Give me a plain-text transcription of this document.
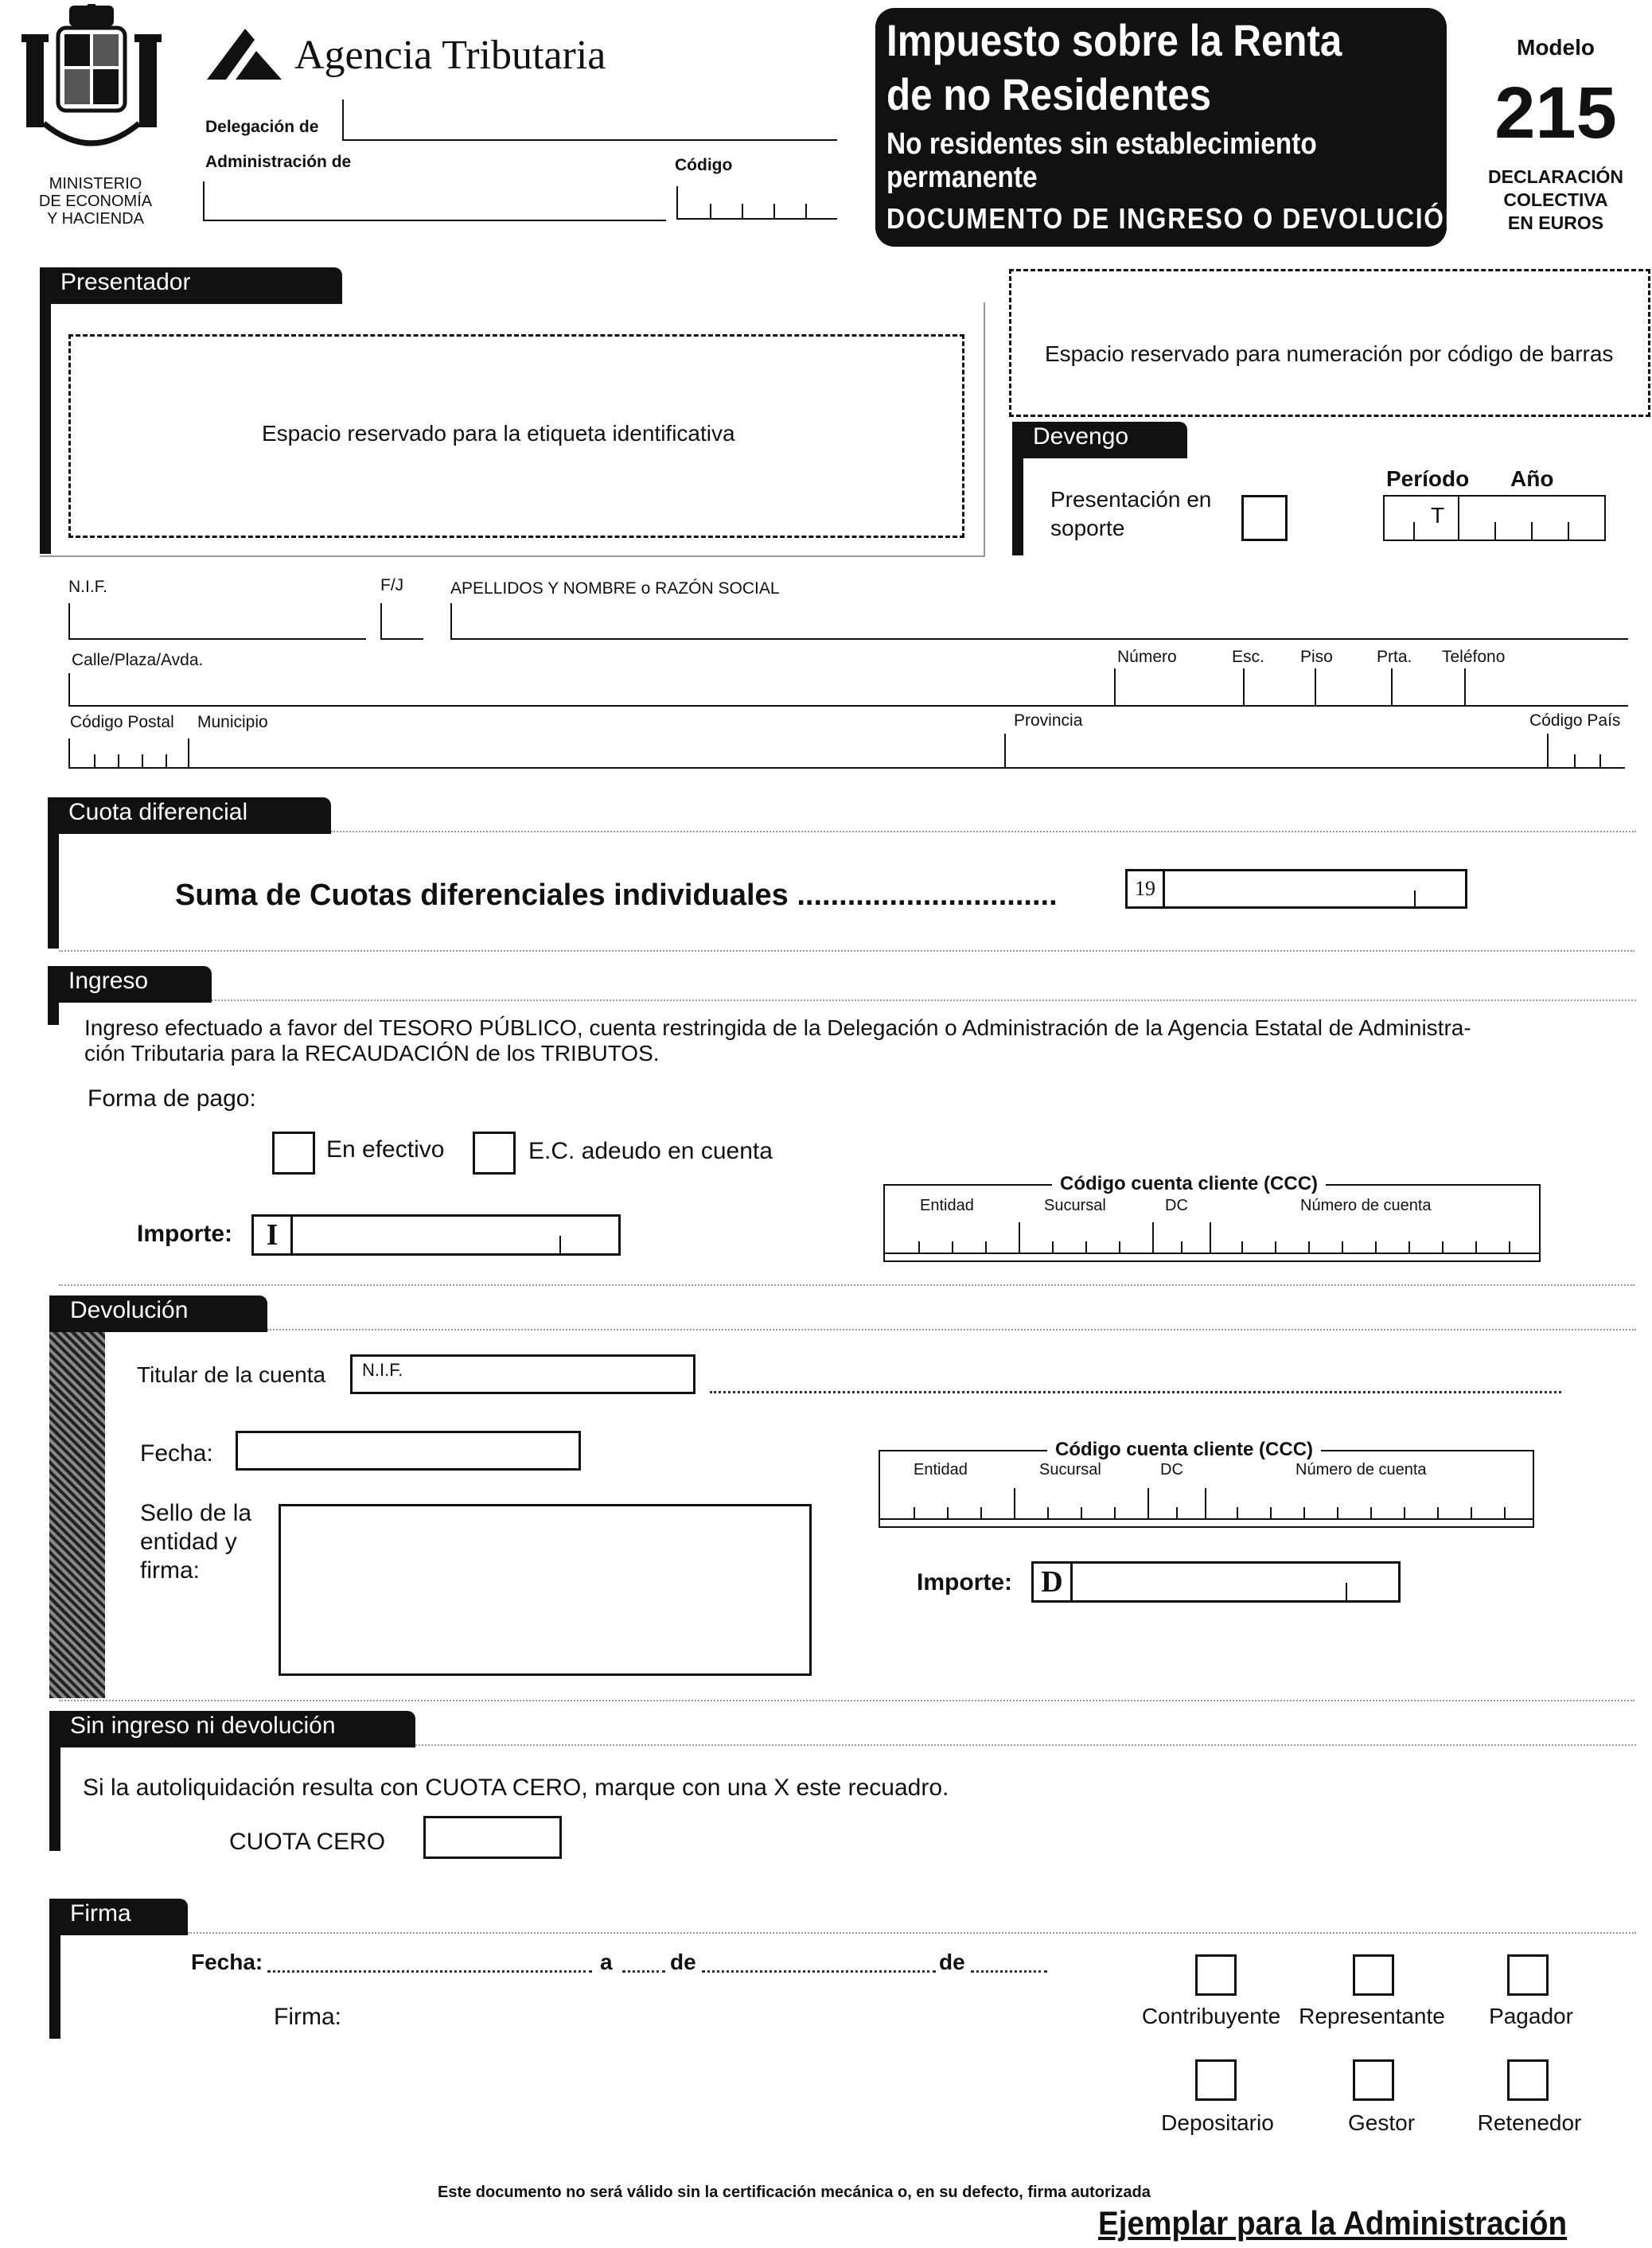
MINISTERIO
DE ECONOMÍA
Y HACIENDA
Agencia Tributaria
Delegación de
Administración de	Código
Impuesto sobre la Renta
de no Residentes
No residentes sin establecimiento
permanente
DOCUMENTO DE INGRESO O DEVOLUCIÓN
Modelo
215
DECLARACIÓN
COLECTIVA
EN EUROS
Presentador
Espacio reservado para la etiqueta identificativa
Espacio reservado para numeración por código de barras
Devengo
Presentación en
soporte
Período Año
T
N.I.F.	F/J	APELLIDOS Y NOMBRE o RAZÓN SOCIAL
Calle/Plaza/Avda.	Número	Esc. Piso	Prta. Teléfono
Código Postal Municipio	Provincia	Código País
Cuota diferencial
Suma de Cuotas diferenciales individuales ...............................	19
Ingreso
Ingreso efectuado a favor del TESORO PÚBLICO, cuenta restringida de la Delegación o Administración de la Agencia Estatal de Administra-
ción Tributaria para la RECAUDACIÓN de los TRIBUTOS.
Forma de pago:
En efectivo	E.C. adeudo en cuenta
Importe:	I
Código cuenta cliente (CCC)
Entidad	Sucursal	DC	Número de cuenta
Devolución
Titular de la cuenta N.I.F.
Fecha:
Sello de la
entidad y
firma:
Código cuenta cliente (CCC)
Entidad	Sucursal	DC	Número de cuenta
Importe: D
Sin ingreso ni devolución
Si la autoliquidación resulta con CUOTA CERO, marque con una X este recuadro.
CUOTA CERO
Firma
Fecha:	a	de	de
Firma:	Contribuyente Representante	Pagador
Depositario	Gestor	Retenedor
Este documento no será válido sin la certificación mecánica o, en su defecto, firma autorizada
Ejemplar para la Administración
